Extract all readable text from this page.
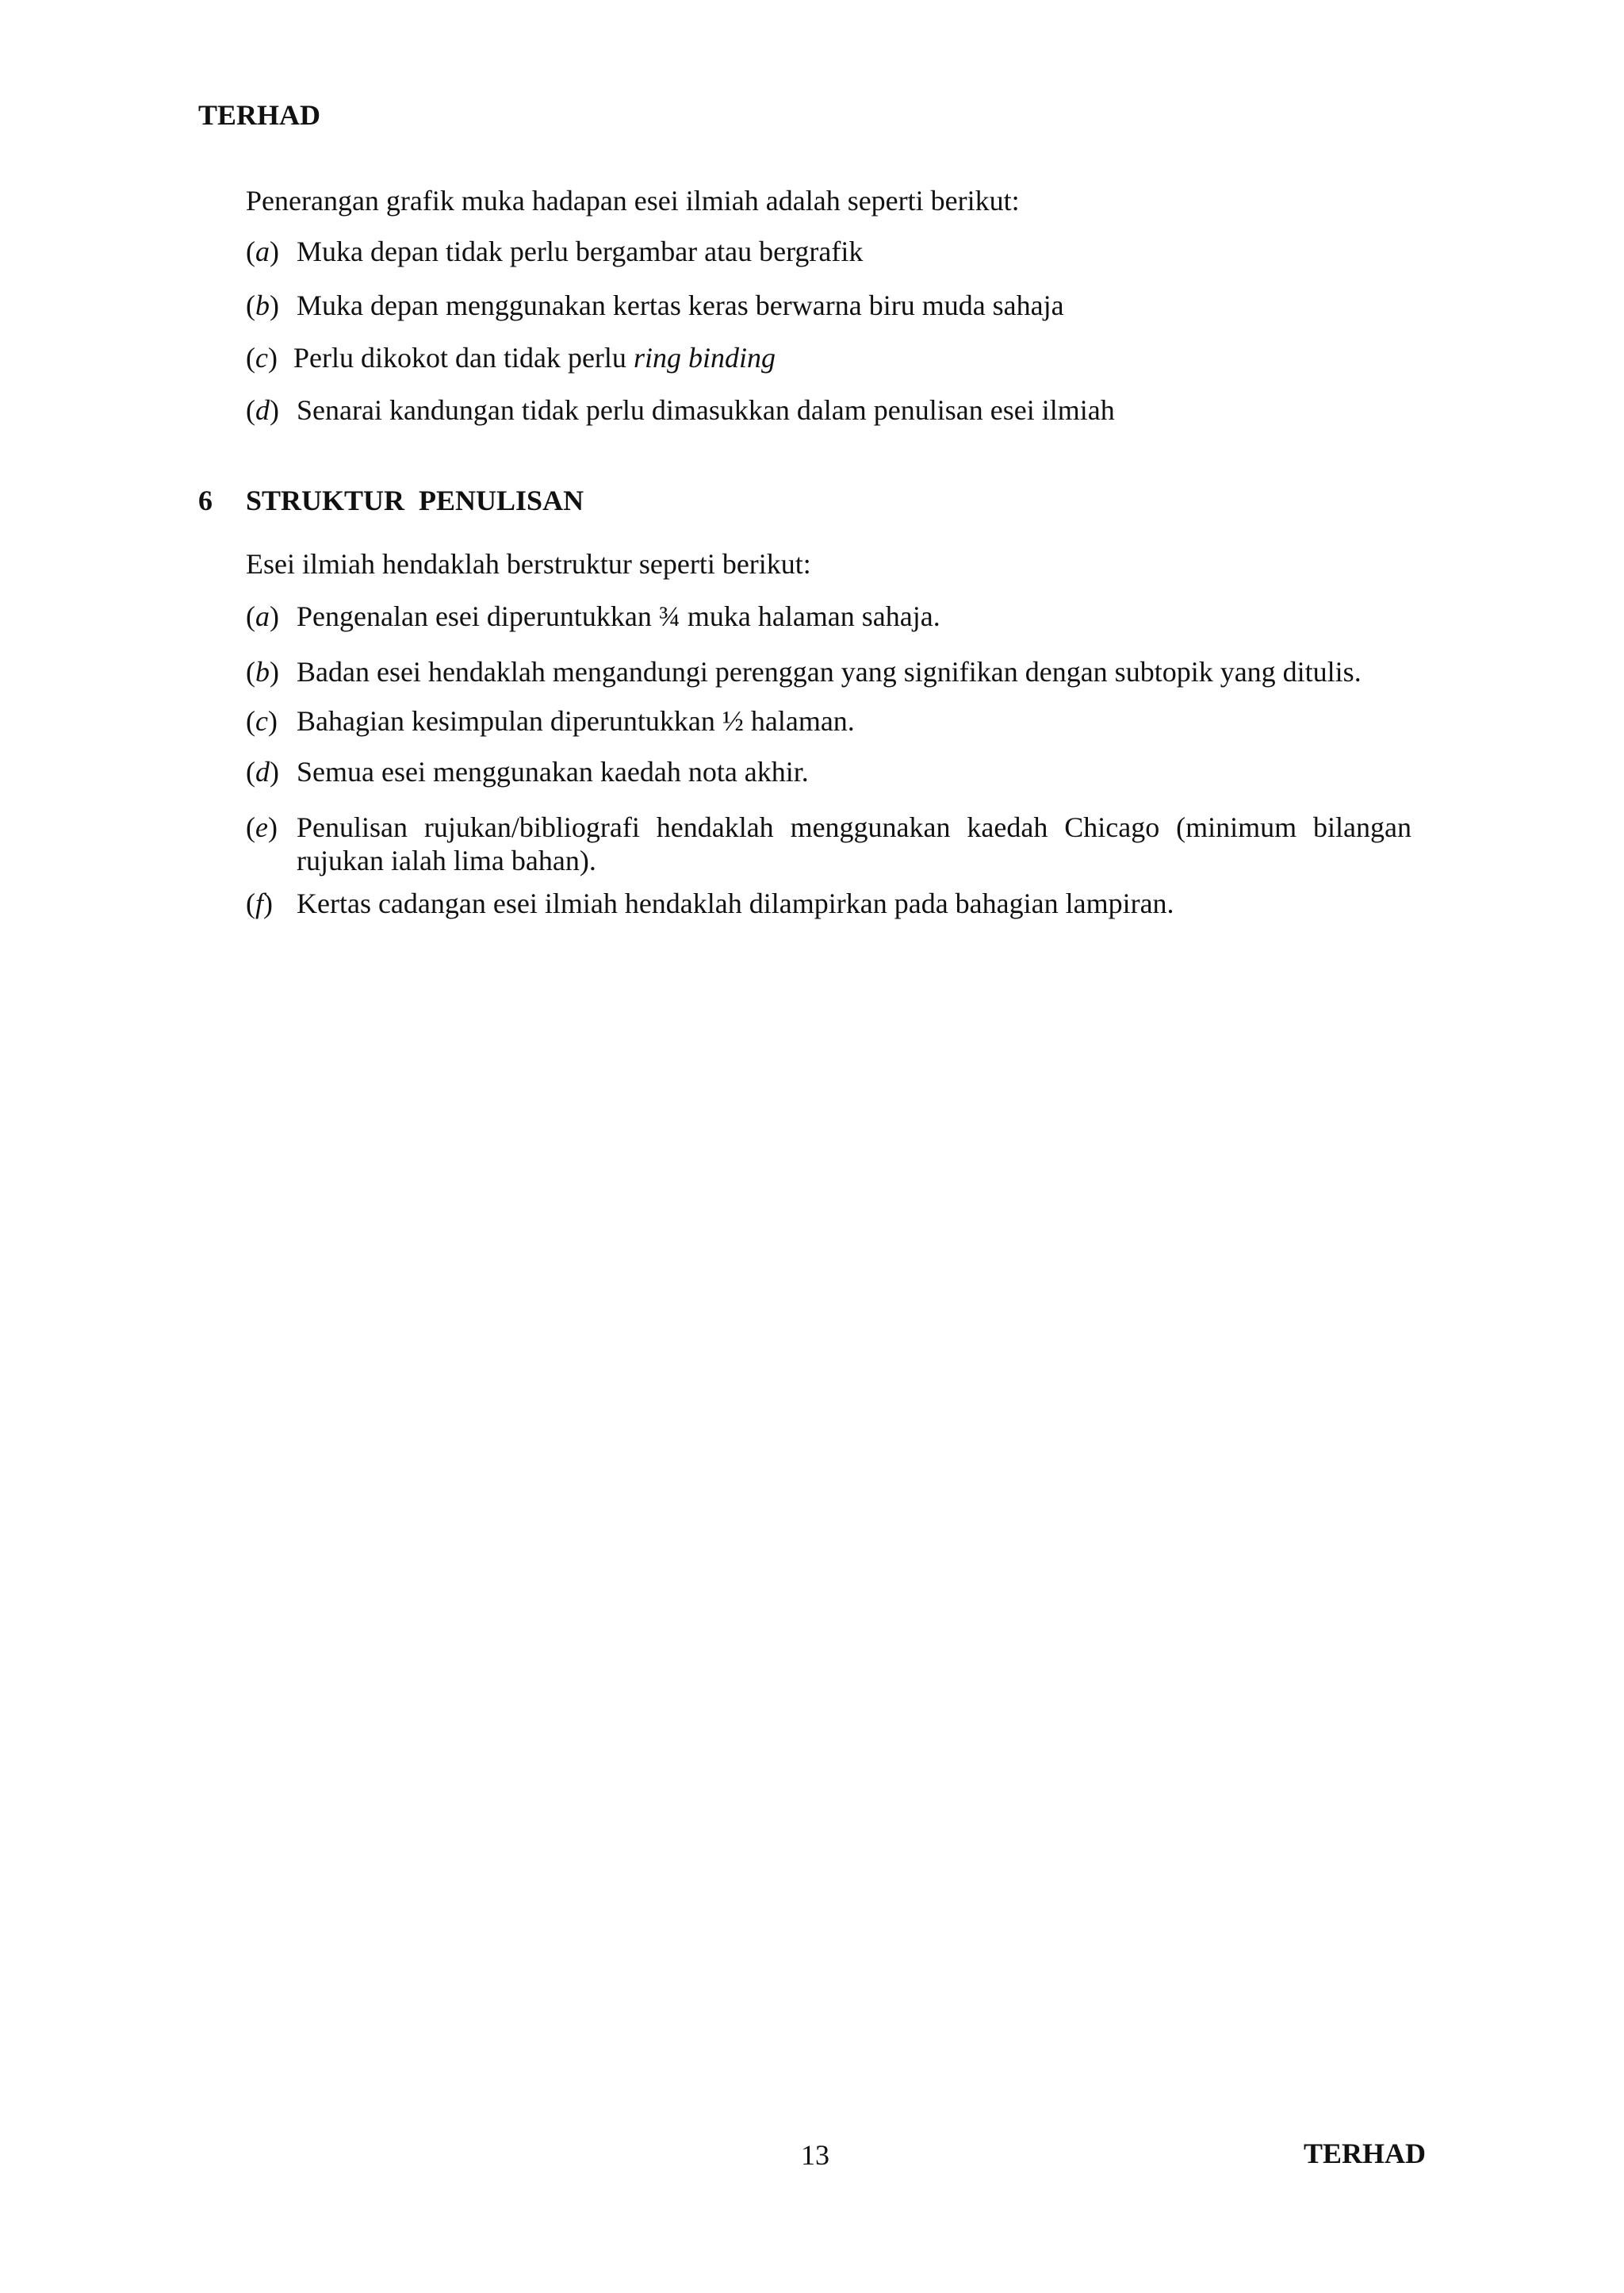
TERHAD
Penerangan grafik muka hadapan esei ilmiah adalah seperti berikut:
(a) Muka depan tidak perlu bergambar atau bergrafik
(b) Muka depan menggunakan kertas keras berwarna biru muda sahaja
(c) Perlu dikokot dan tidak perlu ring binding
(d) Senarai kandungan tidak perlu dimasukkan dalam penulisan esei ilmiah
6 STRUKTUR  PENULISAN
Esei ilmiah hendaklah berstruktur seperti berikut:
(a) Pengenalan esei diperuntukkan ¾ muka halaman sahaja.
(b) Badan esei hendaklah mengandungi perenggan yang signifikan dengan subtopik yang ditulis.
(c) Bahagian kesimpulan diperuntukkan ½ halaman.
(d) Semua esei menggunakan kaedah nota akhir.
(e) Penulisan rujukan/bibliografi hendaklah menggunakan kaedah Chicago (minimum bilangan rujukan ialah lima bahan).
(f) Kertas cadangan esei ilmiah hendaklah dilampirkan pada bahagian lampiran.
13	TERHAD
